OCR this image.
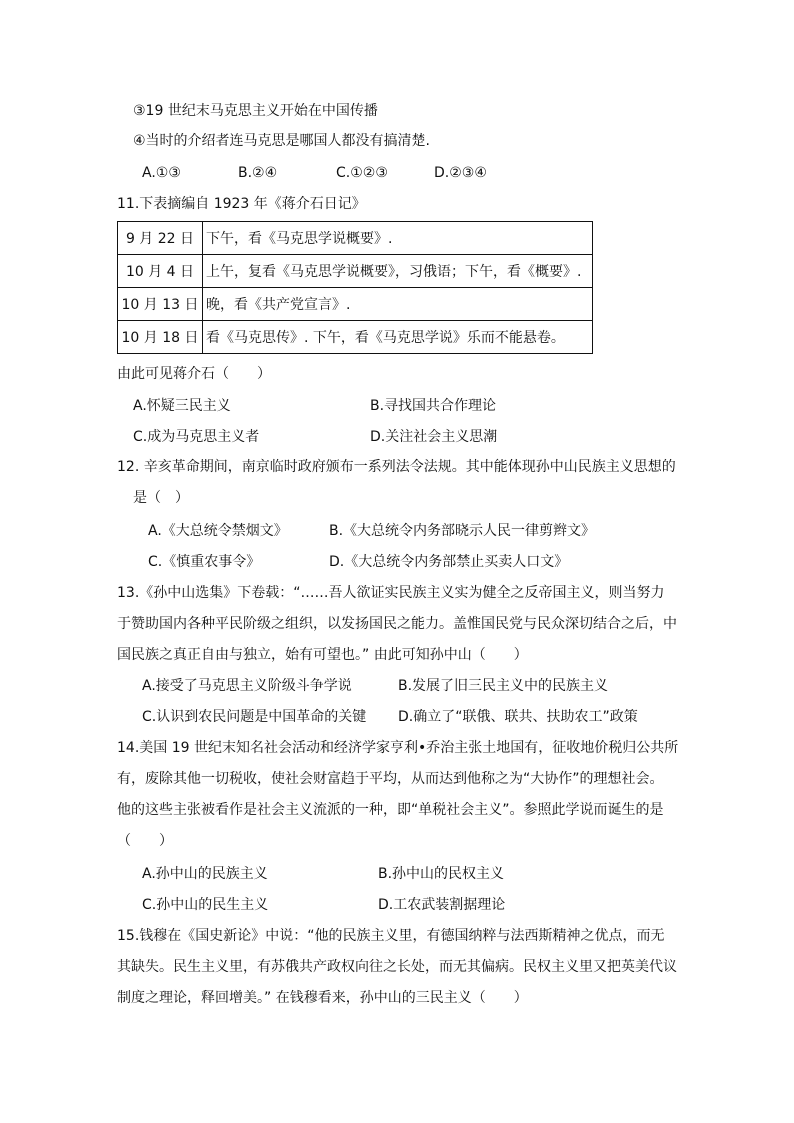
③19 世纪末马克思主义开始在中国传播
④当时的介绍者连马克思是哪国人都没有搞清楚.
A.①③	B.②④	C.①②③	D.②③④
11.下表摘编自 1923 年《蒋介石日记》
9 月 22 日	下午，看《马克思学说概要》.
10 月 4 日	上午，复看《马克思学说概要》，习俄语；下午，看《概要》.
10 月 13 日	晚，看《共产党宣言》.
10 月 18 日	看《马克思传》. 下午，看《马克思学说》乐而不能悬卷。
由此可见蒋介石（　　）
A.怀疑三民主义	B.寻找国共合作理论
C.成为马克思主义者	D.关注社会主义思潮
12. 辛亥革命期间，南京临时政府颁布一系列法令法规。其中能体现孙中山民族主义思想的
是（　）
A.《大总统令禁烟文》	B.《大总统令内务部晓示人民一律剪辫文》
C.《慎重农事令》	D.《大总统令内务部禁止买卖人口文》
13.《孙中山选集》下卷载：“……吾人欲证实民族主义实为健全之反帝国主义，则当努力
于赞助国内各种平民阶级之组织，以发扬国民之能力。盖惟国民党与民众深切结合之后，中
国民族之真正自由与独立，始有可望也。” 由此可知孙中山（　　）
A.接受了马克思主义阶级斗争学说	B.发展了旧三民主义中的民族主义
C.认识到农民问题是中国革命的关键 D.确立了“联俄、联共、扶助农工”政策
14.美国 19 世纪末知名社会活动和经济学家亨利•乔治主张土地国有，征收地价税归公共所
有，废除其他一切税收，使社会财富趋于平均，从而达到他称之为“大协作”的理想社会。
他的这些主张被看作是社会主义流派的一种，即“单税社会主义”。参照此学说而诞生的是
（　　）
A.孙中山的民族主义	B.孙中山的民权主义
C.孙中山的民生主义	D.工农武装割据理论
15.钱穆在《国史新论》中说：“他的民族主义里，有德国纳粹与法西斯精神之优点，而无
其缺失。民生主义里，有苏俄共产政权向往之长处，而无其偏病。民权主义里又把英美代议
制度之理论，释回增美。” 在钱穆看来，孙中山的三民主义（　　）
